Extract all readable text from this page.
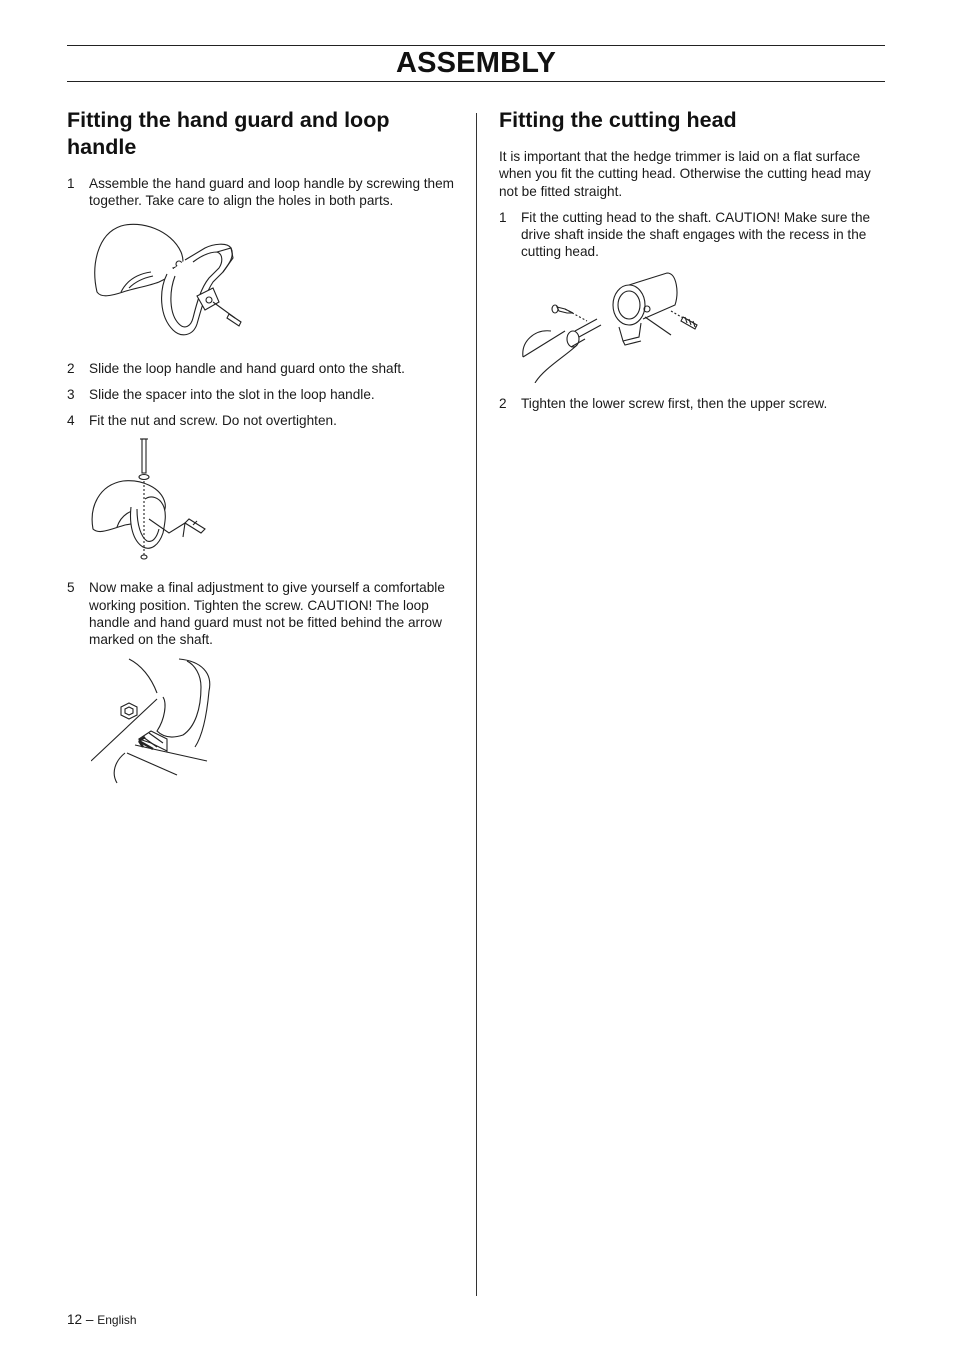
ASSEMBLY
Fitting the hand guard and loop handle
1 Assemble the hand guard and loop handle by screwing them together. Take care to align the holes in both parts.
2 Slide the loop handle and hand guard onto the shaft.
3 Slide the spacer into the slot in the loop handle.
4 Fit the nut and screw. Do not overtighten.
5 Now make a final adjustment to give yourself a comfortable working position. Tighten the screw. CAUTION! The loop handle and hand guard must not be fitted behind the arrow marked on the shaft.
Fitting the cutting head

It is important that the hedge trimmer is laid on a flat surface when you fit the cutting head. Otherwise the cutting head may not be fitted straight.

1 Fit the cutting head to the shaft. CAUTION! Make sure the drive shaft inside the shaft engages with the recess in the cutting head.
2 Tighten the lower screw first, then the upper screw.
12 – English
